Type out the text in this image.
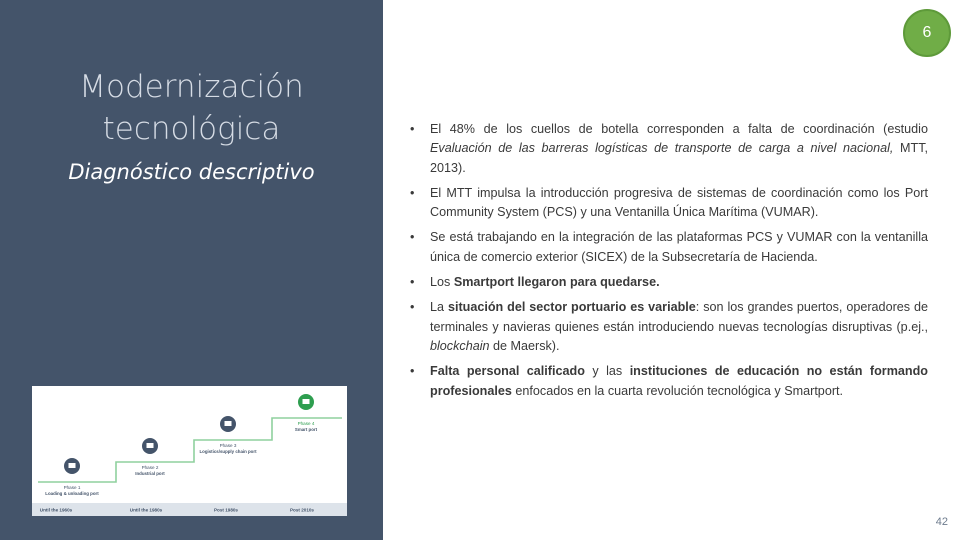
Modernización
tecnológica
Diagnóstico descriptivo
Phase 1
Loading & unloading port
Until the 1960s
Phase 2
Industrial port
Until the 1980s
Phase 3
Logistics/supply chain port
Post 1980s
Phase 4
Smart port
Post 2010s
6
• El 48% de los cuellos de botella corresponden a falta de coordinación (estudio Evaluación de las barreras logísticas de transporte de carga a nivel nacional, MTT, 2013).
• El MTT impulsa la introducción progresiva de sistemas de coordinación como los Port Community System (PCS) y una Ventanilla Única Marítima (VUMAR).
• Se está trabajando en la integración de las plataformas PCS y VUMAR con la ventanilla única de comercio exterior (SICEX) de la Subsecretaría de Hacienda.
• Los Smartport llegaron para quedarse.
• La situación del sector portuario es variable: son los grandes puertos, operadores de terminales y navieras quienes están introduciendo nuevas tecnologías disruptivas (p.ej., blockchain de Maersk).
• Falta personal calificado y las instituciones de educación no están formando profesionales enfocados en la cuarta revolución tecnológica y Smartport.
42
